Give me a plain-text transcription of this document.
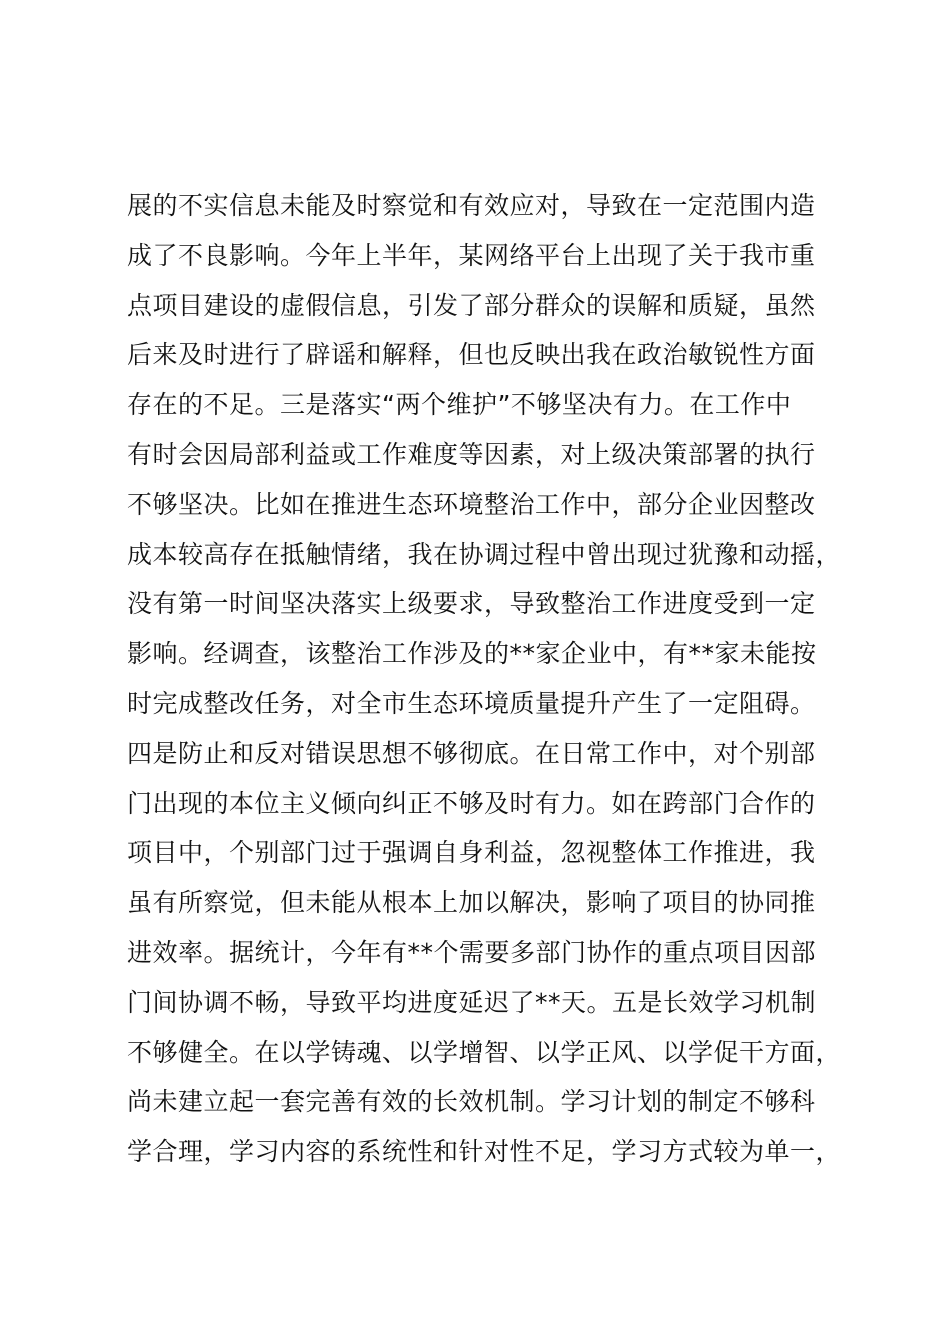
展的不实信息未能及时察觉和有效应对，导致在一定范围内造
成了不良影响。今年上半年，某网络平台上出现了关于我市重
点项目建设的虚假信息，引发了部分群众的误解和质疑，虽然
后来及时进行了辟谣和解释，但也反映出我在政治敏锐性方面
存在的不足。三是落实“两个维护”不够坚决有力。在工作中
有时会因局部利益或工作难度等因素，对上级决策部署的执行
不够坚决。比如在推进生态环境整治工作中，部分企业因整改
成本较高存在抵触情绪，我在协调过程中曾出现过犹豫和动摇，
没有第一时间坚决落实上级要求，导致整治工作进度受到一定
影响。经调查，该整治工作涉及的**家企业中，有**家未能按
时完成整改任务，对全市生态环境质量提升产生了一定阻碍。
四是防止和反对错误思想不够彻底。在日常工作中，对个别部
门出现的本位主义倾向纠正不够及时有力。如在跨部门合作的
项目中，个别部门过于强调自身利益，忽视整体工作推进，我
虽有所察觉，但未能从根本上加以解决，影响了项目的协同推
进效率。据统计，今年有**个需要多部门协作的重点项目因部
门间协调不畅，导致平均进度延迟了**天。五是长效学习机制
不够健全。在以学铸魂、以学增智、以学正风、以学促干方面，
尚未建立起一套完善有效的长效机制。学习计划的制定不够科
学合理，学习内容的系统性和针对性不足，学习方式较为单一，
